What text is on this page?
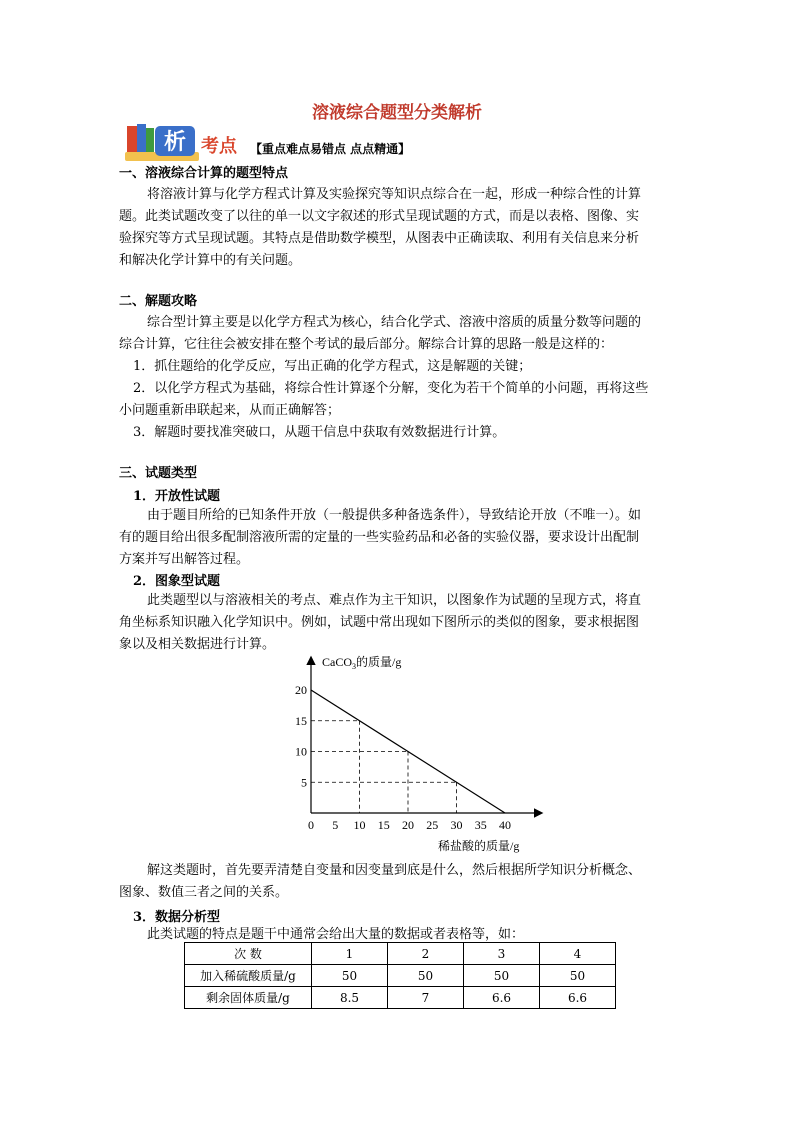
溶液综合题型分类解析
析 考点 【重点难点易错点 点点精通】
一、溶液综合计算的题型特点
将溶液计算与化学方程式计算及实验探究等知识点综合在一起，形成一种综合性的计算
题。此类试题改变了以往的单一以文字叙述的形式呈现试题的方式，而是以表格、图像、实
验探究等方式呈现试题。其特点是借助数学模型，从图表中正确读取、利用有关信息来分析
和解决化学计算中的有关问题。
二、解题攻略
综合型计算主要是以化学方程式为核心，结合化学式、溶液中溶质的质量分数等问题的
综合计算，它往往会被安排在整个考试的最后部分。解综合计算的思路一般是这样的：
1．抓住题给的化学反应，写出正确的化学方程式，这是解题的关键；
2．以化学方程式为基础，将综合性计算逐个分解，变化为若干个简单的小问题，再将这些
小问题重新串联起来，从而正确解答；
3．解题时要找准突破口，从题干信息中获取有效数据进行计算。
三、试题类型
1．开放性试题
由于题目所给的已知条件开放（一般提供多种备选条件），导致结论开放（不唯一）。如
有的题目给出很多配制溶液所需的定量的一些实验药品和必备的实验仪器，要求设计出配制
方案并写出解答过程。
2．图象型试题
此类题型以与溶液相关的考点、难点作为主干知识，以图象作为试题的呈现方式，将直
角坐标系知识融入化学知识中。例如，试题中常出现如下图所示的类似的图象，要求根据图
象以及相关数据进行计算。
CaCO$_3$的质量/g
0 5 10 15 20 25 30 35 40
5
10
15
20
稀盐酸的质量/g
解这类题时，首先要弄清楚自变量和因变量到底是什么，然后根据所学知识分析概念、
图象、数值三者之间的关系。
3．数据分析型
此类试题的特点是题干中通常会给出大量的数据或者表格等，如：
次 数	1	2	3	4
加入稀硫酸质量/g	50	50	50	50
剩余固体质量/g	8.5	7	6.6	6.6
